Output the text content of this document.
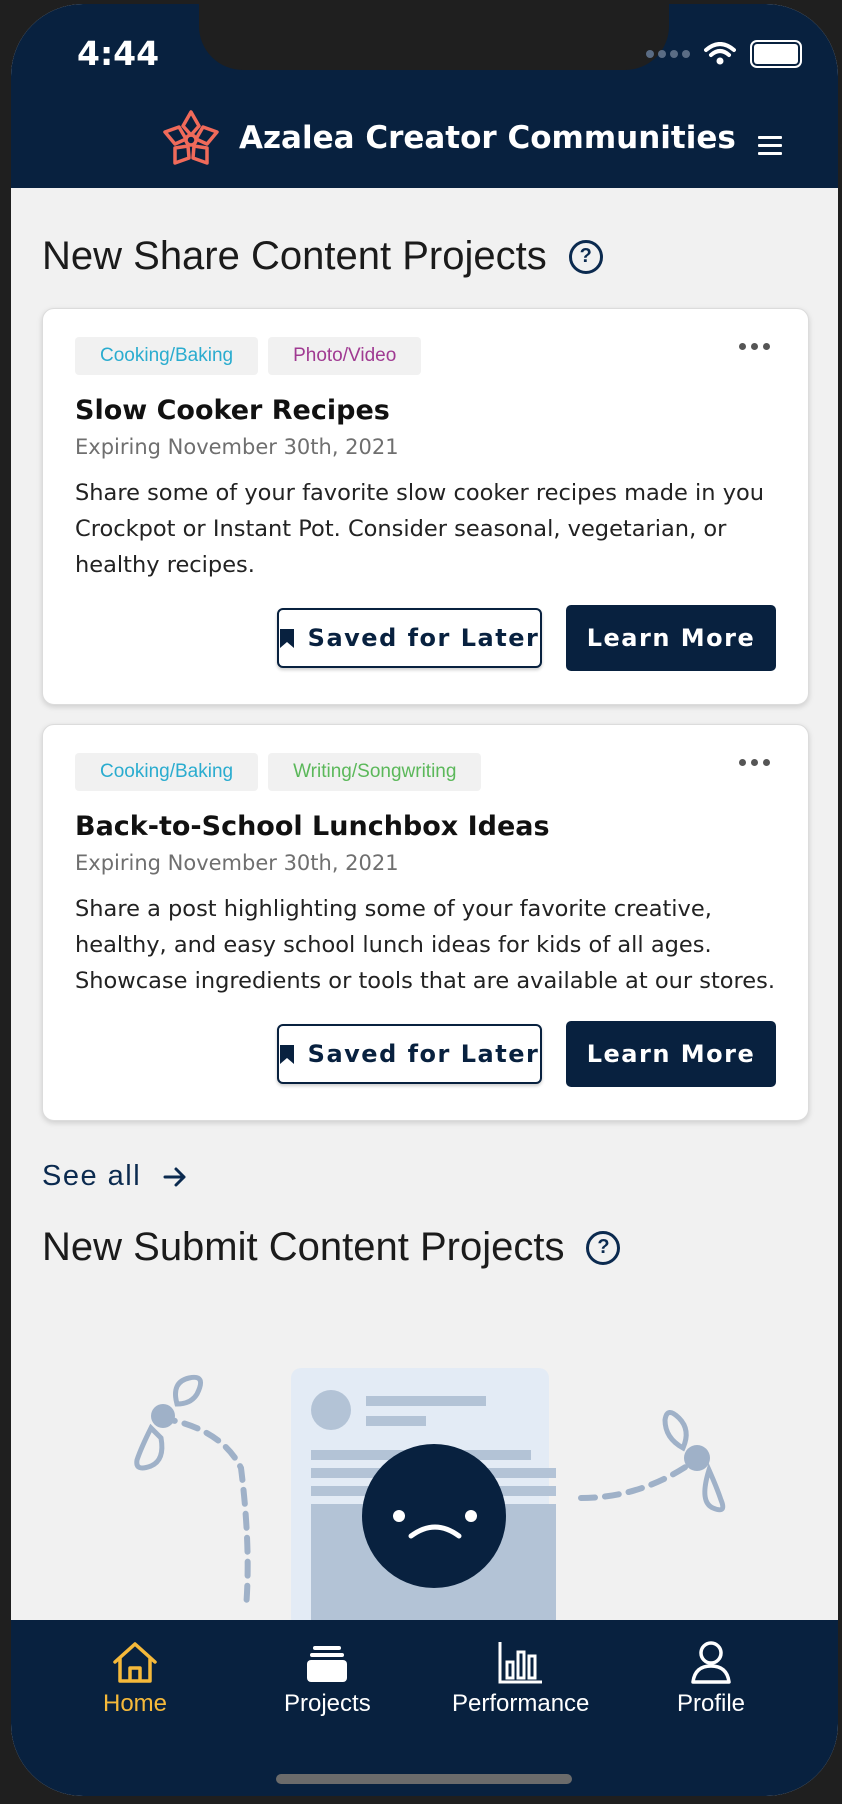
4:44
Azalea Creator Communities
New Share Content Projects	?
Cooking/Baking	Photo/Video
Slow Cooker Recipes
Expiring November 30th, 2021
Share some of your favorite slow cooker recipes made in you Crockpot or Instant Pot. Consider seasonal, vegetarian, or healthy recipes.
Saved for Later Learn More
Cooking/Baking	Writing/Songwriting
Back-to-School Lunchbox Ideas
Expiring November 30th, 2021
Share a post highlighting some of your favorite creative, healthy, and easy school lunch ideas for kids of all ages. Showcase ingredients or tools that are available at our stores.
Saved for Later Learn More
See all
New Submit Content Projects	?
Home	Projects	Performance	Profile
